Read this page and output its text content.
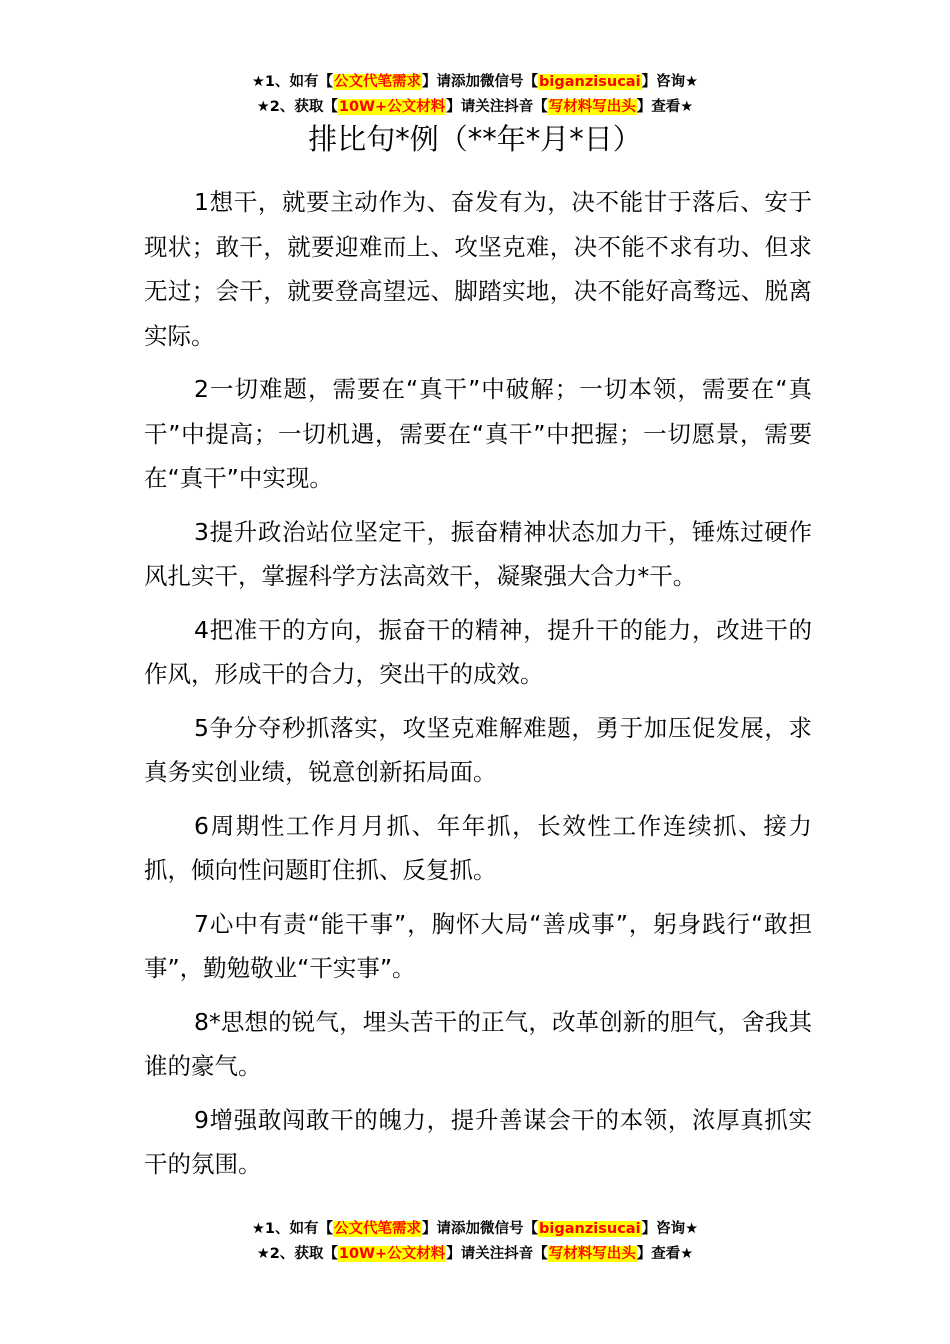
★1、如有【公文代笔需求】请添加微信号【biganzisucai】咨询★
★2、获取【10W+公文材料】请关注抖音【写材料写出头】查看★
排比句*例（**年*月*日）

1想干，就要主动作为、奋发有为，决不能甘于落后、安于现状；敢干，就要迎难而上、攻坚克难，决不能不求有功、但求无过；会干，就要登高望远、脚踏实地，决不能好高骛远、脱离实际。

2一切难题，需要在“真干”中破解；一切本领，需要在“真干”中提高；一切机遇，需要在“真干”中把握；一切愿景，需要在“真干”中实现。

3提升政治站位坚定干，振奋精神状态加力干，锤炼过硬作风扎实干，掌握科学方法高效干，凝聚强大合力*干。

4把准干的方向，振奋干的精神，提升干的能力，改进干的作风，形成干的合力，突出干的成效。

5争分夺秒抓落实，攻坚克难解难题，勇于加压促发展，求真务实创业绩，锐意创新拓局面。

6周期性工作月月抓、年年抓，长效性工作连续抓、接力抓，倾向性问题盯住抓、反复抓。

7心中有责“能干事”，胸怀大局“善成事”，躬身践行“敢担事”，勤勉敬业“干实事”。

8*思想的锐气，埋头苦干的正气，改革创新的胆气，舍我其谁的豪气。

9增强敢闯敢干的魄力，提升善谋会干的本领，浓厚真抓实干的氛围。

★1、如有【公文代笔需求】请添加微信号【biganzisucai】咨询★
★2、获取【10W+公文材料】请关注抖音【写材料写出头】查看★
